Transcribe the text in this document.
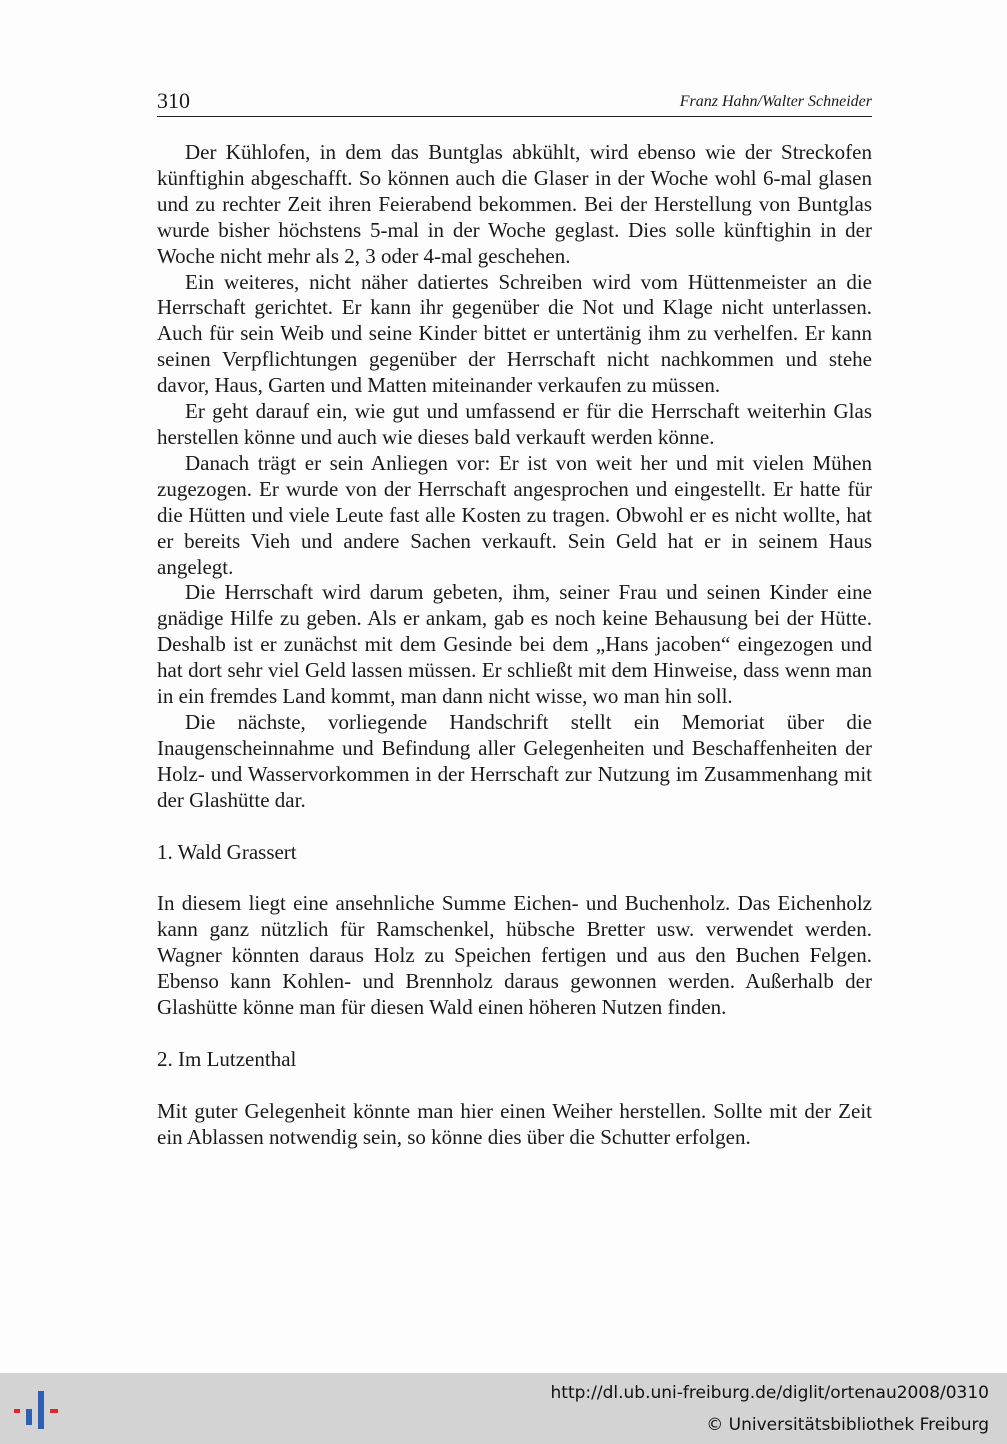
310	Franz Hahn/Walter Schneider

Der Kühlofen, in dem das Buntglas abkühlt, wird ebenso wie der Streckofen künftighin abgeschafft. So können auch die Glaser in der Woche wohl 6-mal glasen und zu rechter Zeit ihren Feierabend bekommen. Bei der Herstellung von Buntglas wurde bisher höchstens 5-mal in der Woche geglast. Dies solle künftighin in der Woche nicht mehr als 2, 3 oder 4-mal geschehen.

Ein weiteres, nicht näher datiertes Schreiben wird vom Hüttenmeister an die Herrschaft gerichtet. Er kann ihr gegenüber die Not und Klage nicht unterlassen. Auch für sein Weib und seine Kinder bittet er untertänig ihm zu verhelfen. Er kann seinen Verpflichtungen gegenüber der Herrschaft nicht nachkommen und stehe davor, Haus, Garten und Matten miteinander verkaufen zu müssen.

Er geht darauf ein, wie gut und umfassend er für die Herrschaft weiterhin Glas herstellen könne und auch wie dieses bald verkauft werden könne.

Danach trägt er sein Anliegen vor: Er ist von weit her und mit vielen Mühen zugezogen. Er wurde von der Herrschaft angesprochen und eingestellt. Er hatte für die Hütten und viele Leute fast alle Kosten zu tragen. Obwohl er es nicht wollte, hat er bereits Vieh und andere Sachen verkauft. Sein Geld hat er in seinem Haus angelegt.

Die Herrschaft wird darum gebeten, ihm, seiner Frau und seinen Kinder eine gnädige Hilfe zu geben. Als er ankam, gab es noch keine Behausung bei der Hütte. Deshalb ist er zunächst mit dem Gesinde bei dem „Hans jacoben“ eingezogen und hat dort sehr viel Geld lassen müssen. Er schließt mit dem Hinweise, dass wenn man in ein fremdes Land kommt, man dann nicht wisse, wo man hin soll.

Die nächste, vorliegende Handschrift stellt ein Memoriat über die Inaugenscheinnahme und Befindung aller Gelegenheiten und Beschaffenheiten der Holz- und Wasservorkommen in der Herrschaft zur Nutzung im Zusammenhang mit der Glashütte dar.

1. Wald Grassert

In diesem liegt eine ansehnliche Summe Eichen- und Buchenholz. Das Eichenholz kann ganz nützlich für Ramschenkel, hübsche Bretter usw. verwendet werden. Wagner könnten daraus Holz zu Speichen fertigen und aus den Buchen Felgen. Ebenso kann Kohlen- und Brennholz daraus gewonnen werden. Außerhalb der Glashütte könne man für diesen Wald einen höheren Nutzen finden.

2. Im Lutzenthal

Mit guter Gelegenheit könnte man hier einen Weiher herstellen. Sollte mit der Zeit ein Ablassen notwendig sein, so könne dies über die Schutter erfolgen.

http://dl.ub.uni-freiburg.de/diglit/ortenau2008/0310
© Universitätsbibliothek Freiburg
